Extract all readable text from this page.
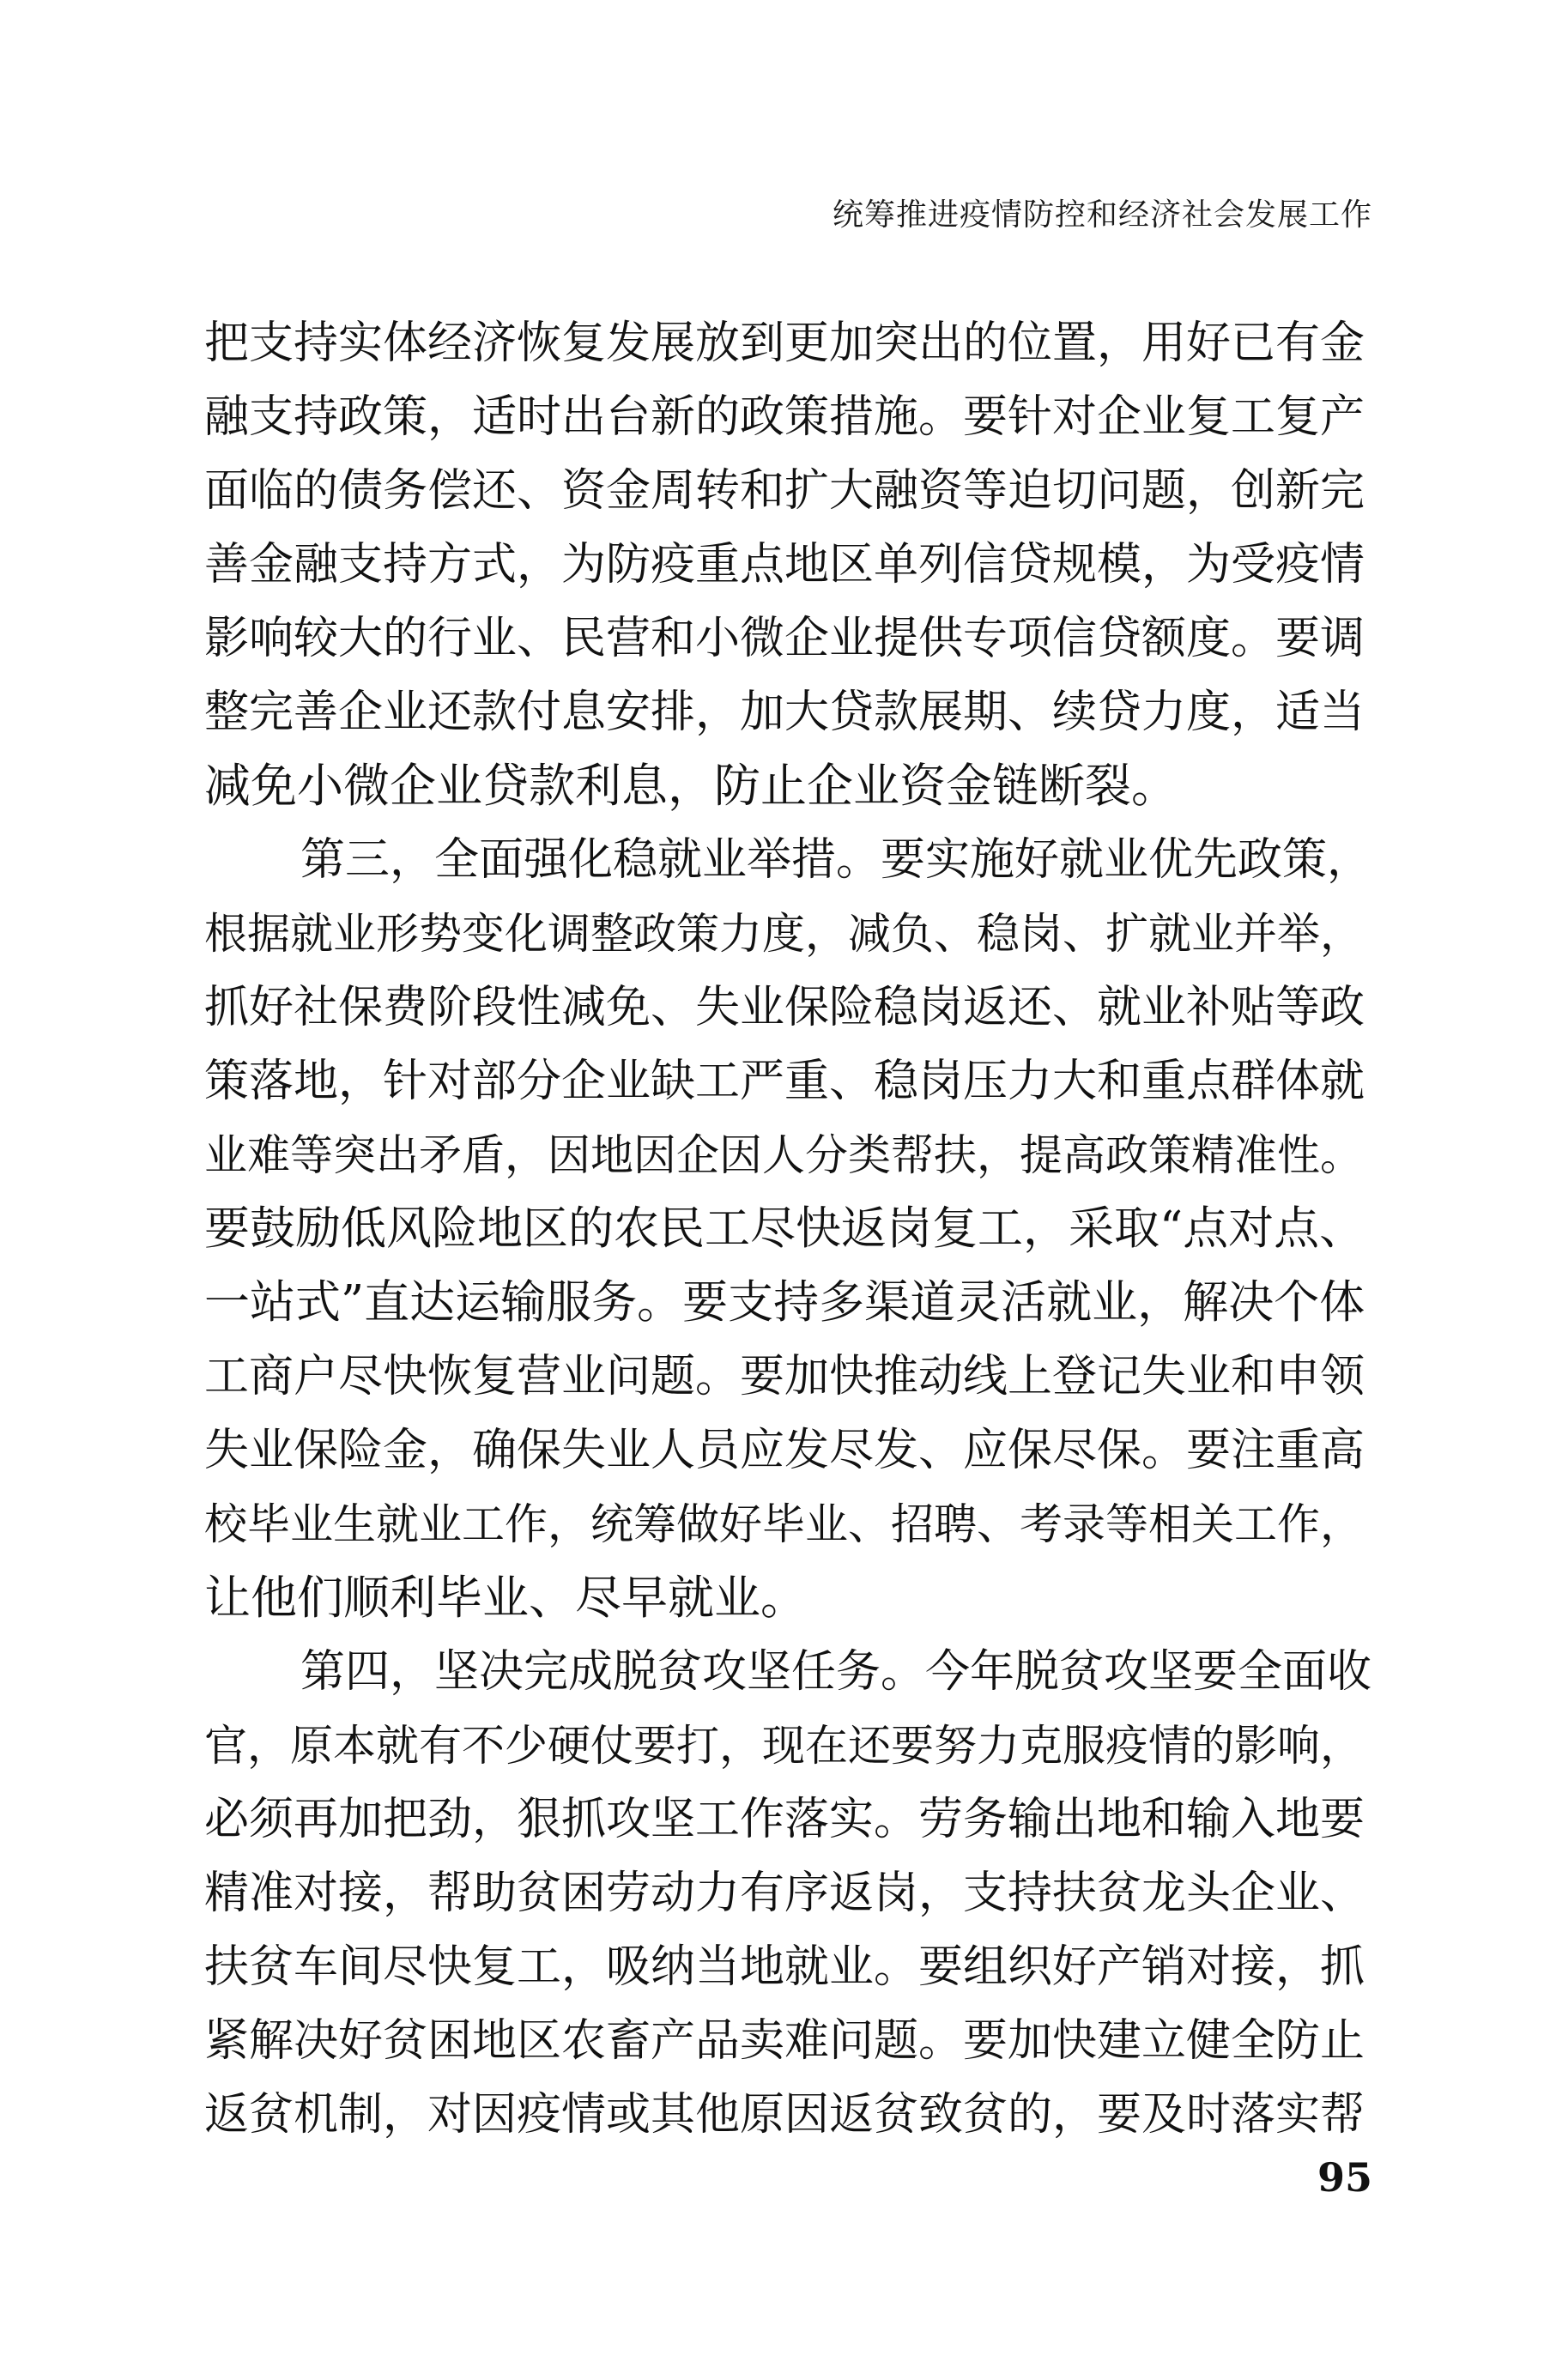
统筹推进疫情防控和经济社会发展工作
把支持实体经济恢复发展放到更加突出的位置，用好已有金
融支持政策，适时出台新的政策措施。要针对企业复工复产
面临的债务偿还、资金周转和扩大融资等迫切问题，创新完
善金融支持方式，为防疫重点地区单列信贷规模，为受疫情
影响较大的行业、民营和小微企业提供专项信贷额度。要调
整完善企业还款付息安排，加大贷款展期、续贷力度，适当
减免小微企业贷款利息，防止企业资金链断裂。
第三，全面强化稳就业举措。要实施好就业优先政策，
根据就业形势变化调整政策力度，减负、稳岗、扩就业并举，
抓好社保费阶段性减免、失业保险稳岗返还、就业补贴等政
策落地，针对部分企业缺工严重、稳岗压力大和重点群体就
业难等突出矛盾，因地因企因人分类帮扶，提高政策精准性。
要鼓励低风险地区的农民工尽快返岗复工，采取“点对点、
一站式”直达运输服务。要支持多渠道灵活就业，解决个体
工商户尽快恢复营业问题。要加快推动线上登记失业和申领
失业保险金，确保失业人员应发尽发、应保尽保。要注重高
校毕业生就业工作，统筹做好毕业、招聘、考录等相关工作，
让他们顺利毕业、尽早就业。
第四，坚决完成脱贫攻坚任务。今年脱贫攻坚要全面收
官，原本就有不少硬仗要打，现在还要努力克服疫情的影响，
必须再加把劲，狠抓攻坚工作落实。劳务输出地和输入地要
精准对接，帮助贫困劳动力有序返岗，支持扶贫龙头企业、
扶贫车间尽快复工，吸纳当地就业。要组织好产销对接，抓
紧解决好贫困地区农畜产品卖难问题。要加快建立健全防止
返贫机制，对因疫情或其他原因返贫致贫的，要及时落实帮
95
